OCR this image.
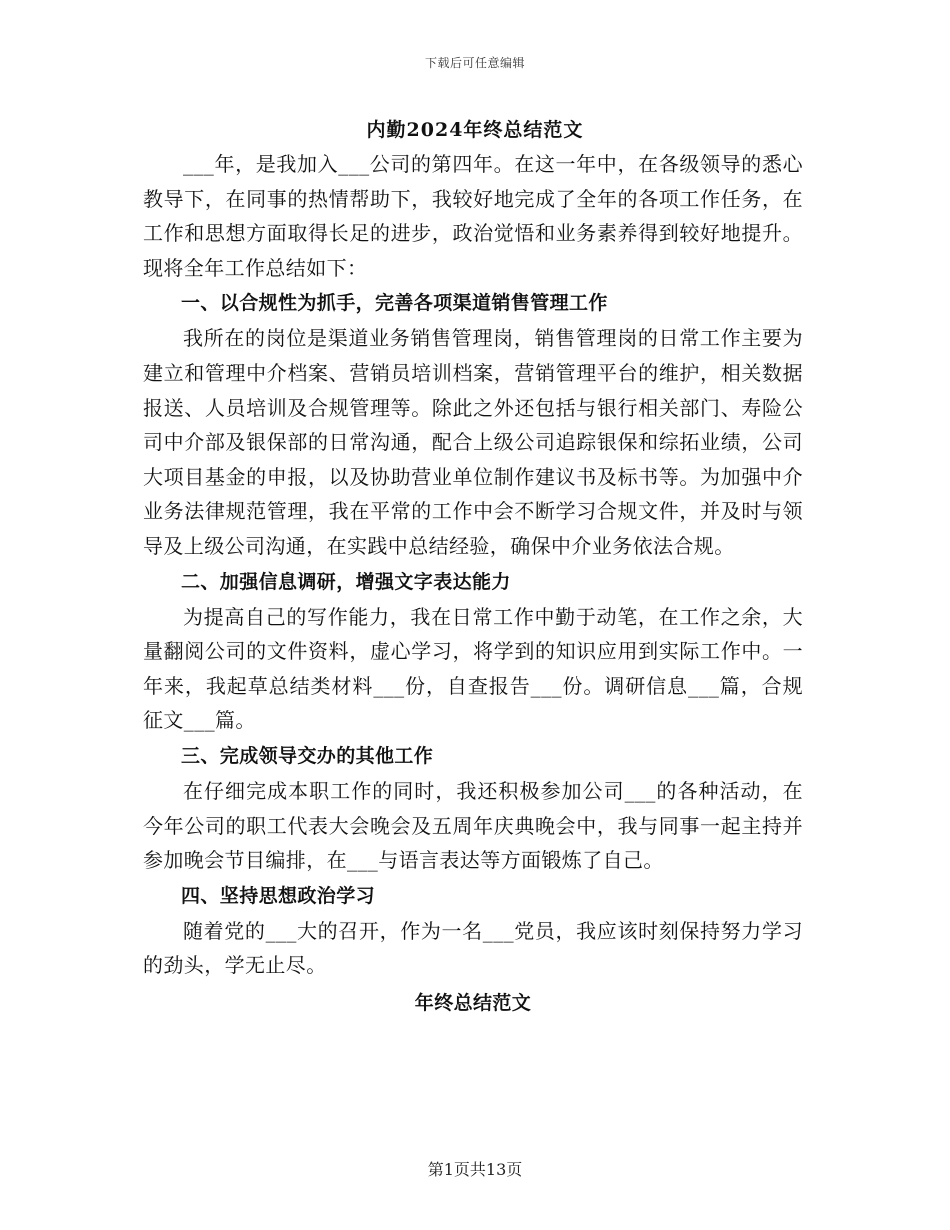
下载后可任意编辑
内勤2024年终总结范文

___年，是我加入___公司的第四年。在这一年中，在各级领导的悉心教导下，在同事的热情帮助下，我较好地完成了全年的各项工作任务，在工作和思想方面取得长足的进步，政治觉悟和业务素养得到较好地提升。现将全年工作总结如下：

一、以合规性为抓手，完善各项渠道销售管理工作

我所在的岗位是渠道业务销售管理岗，销售管理岗的日常工作主要为建立和管理中介档案、营销员培训档案，营销管理平台的维护，相关数据报送、人员培训及合规管理等。除此之外还包括与银行相关部门、寿险公司中介部及银保部的日常沟通，配合上级公司追踪银保和综拓业绩，公司大项目基金的申报，以及协助营业单位制作建议书及标书等。为加强中介业务法律规范管理，我在平常的工作中会不断学习合规文件，并及时与领导及上级公司沟通，在实践中总结经验，确保中介业务依法合规。

二、加强信息调研，增强文字表达能力

为提高自己的写作能力，我在日常工作中勤于动笔，在工作之余，大量翻阅公司的文件资料，虚心学习，将学到的知识应用到实际工作中。一年来，我起草总结类材料___份，自查报告___份。调研信息___篇，合规征文___篇。

三、完成领导交办的其他工作

在仔细完成本职工作的同时，我还积极参加公司___的各种活动，在今年公司的职工代表大会晚会及五周年庆典晚会中，我与同事一起主持并参加晚会节目编排，在___与语言表达等方面锻炼了自己。

四、坚持思想政治学习

随着党的___大的召开，作为一名___党员，我应该时刻保持努力学习的劲头，学无止尽。

年终总结范文

第1页共13页
